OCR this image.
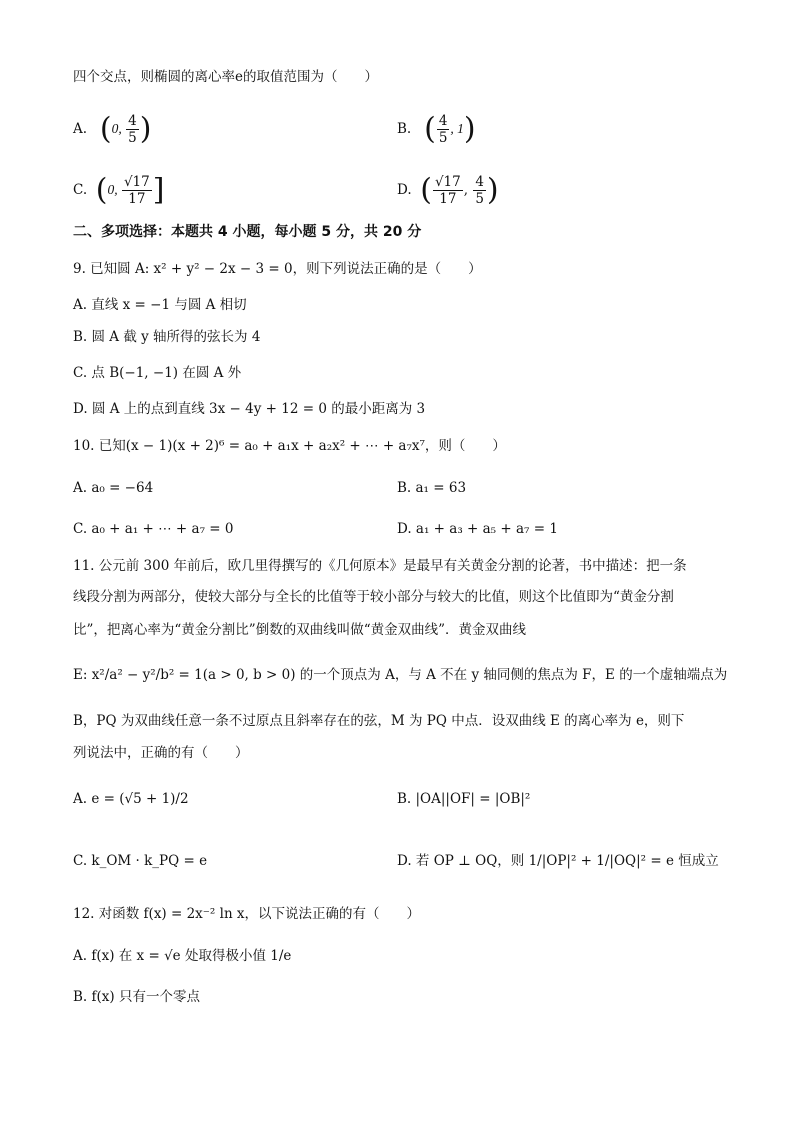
四个交点，则椭圆的离心率e的取值范围为（　　）
A.   (0, $\frac{4}{5}$ )	B.   ( $\frac{4}{5}$ , 1)
C.  (0, $\frac{√17}{17}$ ]	D.  ( $\frac{√17}{17}$ , $\frac{4}{5}$ )
二、多项选择：本题共 4 小题，每小题 5 分，共 20 分
9. 已知圆 A: x² + y² − 2x − 3 = 0，则下列说法正确的是（　　）
A. 直线 x = −1 与圆 A 相切
B. 圆 A 截 y 轴所得的弦长为 4
C. 点 B(−1, −1) 在圆 A 外
D. 圆 A 上的点到直线 3x − 4y + 12 = 0 的最小距离为 3
10. 已知(x − 1)(x + 2)⁶ = a₀ + a₁x + a₂x² + ⋯ + a₇x⁷，则（　　）
A. a₀ = −64	B. a₁ = 63
C. a₀ + a₁ + ⋯ + a₇ = 0	D. a₁ + a₃ + a₅ + a₇ = 1
11. 公元前 300 年前后，欧几里得撰写的《几何原本》是最早有关黄金分割的论著，书中描述：把一条
线段分割为两部分，使较大部分与全长的比值等于较小部分与较大的比值，则这个比值即为“黄金分割
比”，把离心率为“黄金分割比”倒数的双曲线叫做“黄金双曲线”．黄金双曲线
E: x²/a² − y²/b² = 1(a > 0, b > 0) 的一个顶点为 A，与 A 不在 y 轴同侧的焦点为 F，E 的一个虚轴端点为
B，PQ 为双曲线任意一条不过原点且斜率存在的弦，M 为 PQ 中点．设双曲线 E 的离心率为 e，则下
列说法中，正确的有（　　）
A. e = (√5 + 1)/2	B. |OA||OF| = |OB|²
C. k_OM · k_PQ = e	D. 若 OP ⊥ OQ，则 1/|OP|² + 1/|OQ|² = e 恒成立
12. 对函数 f(x) = 2x⁻² ln x，以下说法正确的有（　　）
A. f(x) 在 x = √e 处取得极小值 1/e
B. f(x) 只有一个零点
